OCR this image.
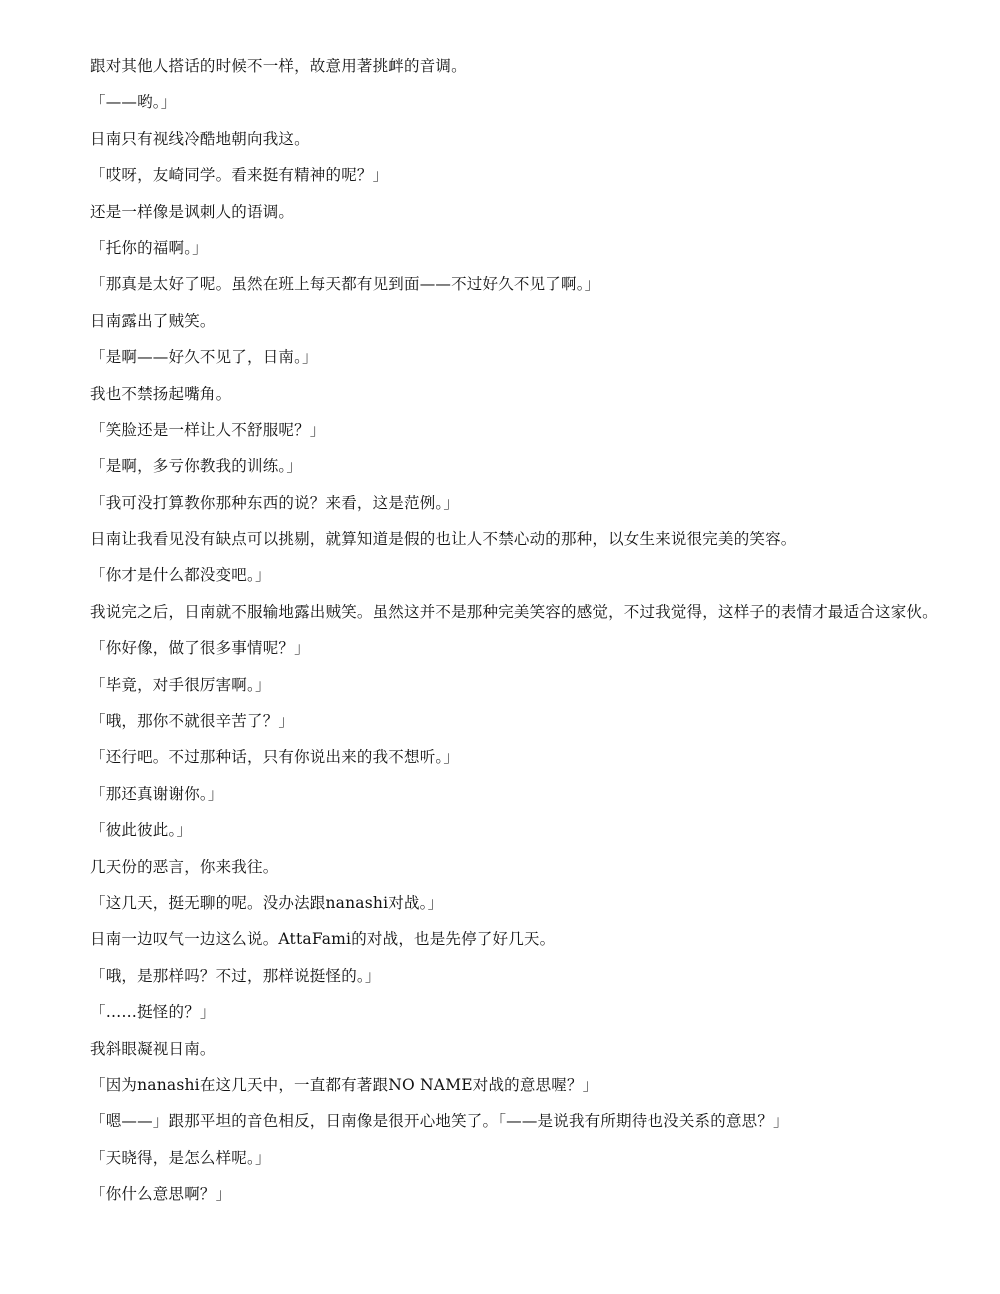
跟对其他人搭话的时候不一样，故意用著挑衅的音调。

「——哟。」

日南只有视线冷酷地朝向我这。

「哎呀，友崎同学。看来挺有精神的呢？」

还是一样像是讽刺人的语调。

「托你的福啊。」

「那真是太好了呢。虽然在班上每天都有见到面——不过好久不见了啊。」

日南露出了贼笑。

「是啊——好久不见了，日南。」

我也不禁扬起嘴角。

「笑脸还是一样让人不舒服呢？」

「是啊，多亏你教我的训练。」

「我可没打算教你那种东西的说？来看，这是范例。」

日南让我看见没有缺点可以挑剔，就算知道是假的也让人不禁心动的那种，以女生来说很完美的笑容。

「你才是什么都没变吧。」

我说完之后，日南就不服输地露出贼笑。虽然这并不是那种完美笑容的感觉，不过我觉得，这样子的表情才最适合这家伙。

「你好像，做了很多事情呢？」

「毕竟，对手很厉害啊。」

「哦，那你不就很辛苦了？」

「还行吧。不过那种话，只有你说出来的我不想听。」

「那还真谢谢你。」

「彼此彼此。」

几天份的恶言，你来我往。

「这几天，挺无聊的呢。没办法跟nanashi对战。」

日南一边叹气一边这么说。AttaFami的对战，也是先停了好几天。

「哦，是那样吗？不过，那样说挺怪的。」

「……挺怪的？」

我斜眼凝视日南。

「因为nanashi在这几天中，一直都有著跟NO NAME对战的意思喔？」

「嗯——」跟那平坦的音色相反，日南像是很开心地笑了。「——是说我有所期待也没关系的意思？」

「天晓得，是怎么样呢。」

「你什么意思啊？」
